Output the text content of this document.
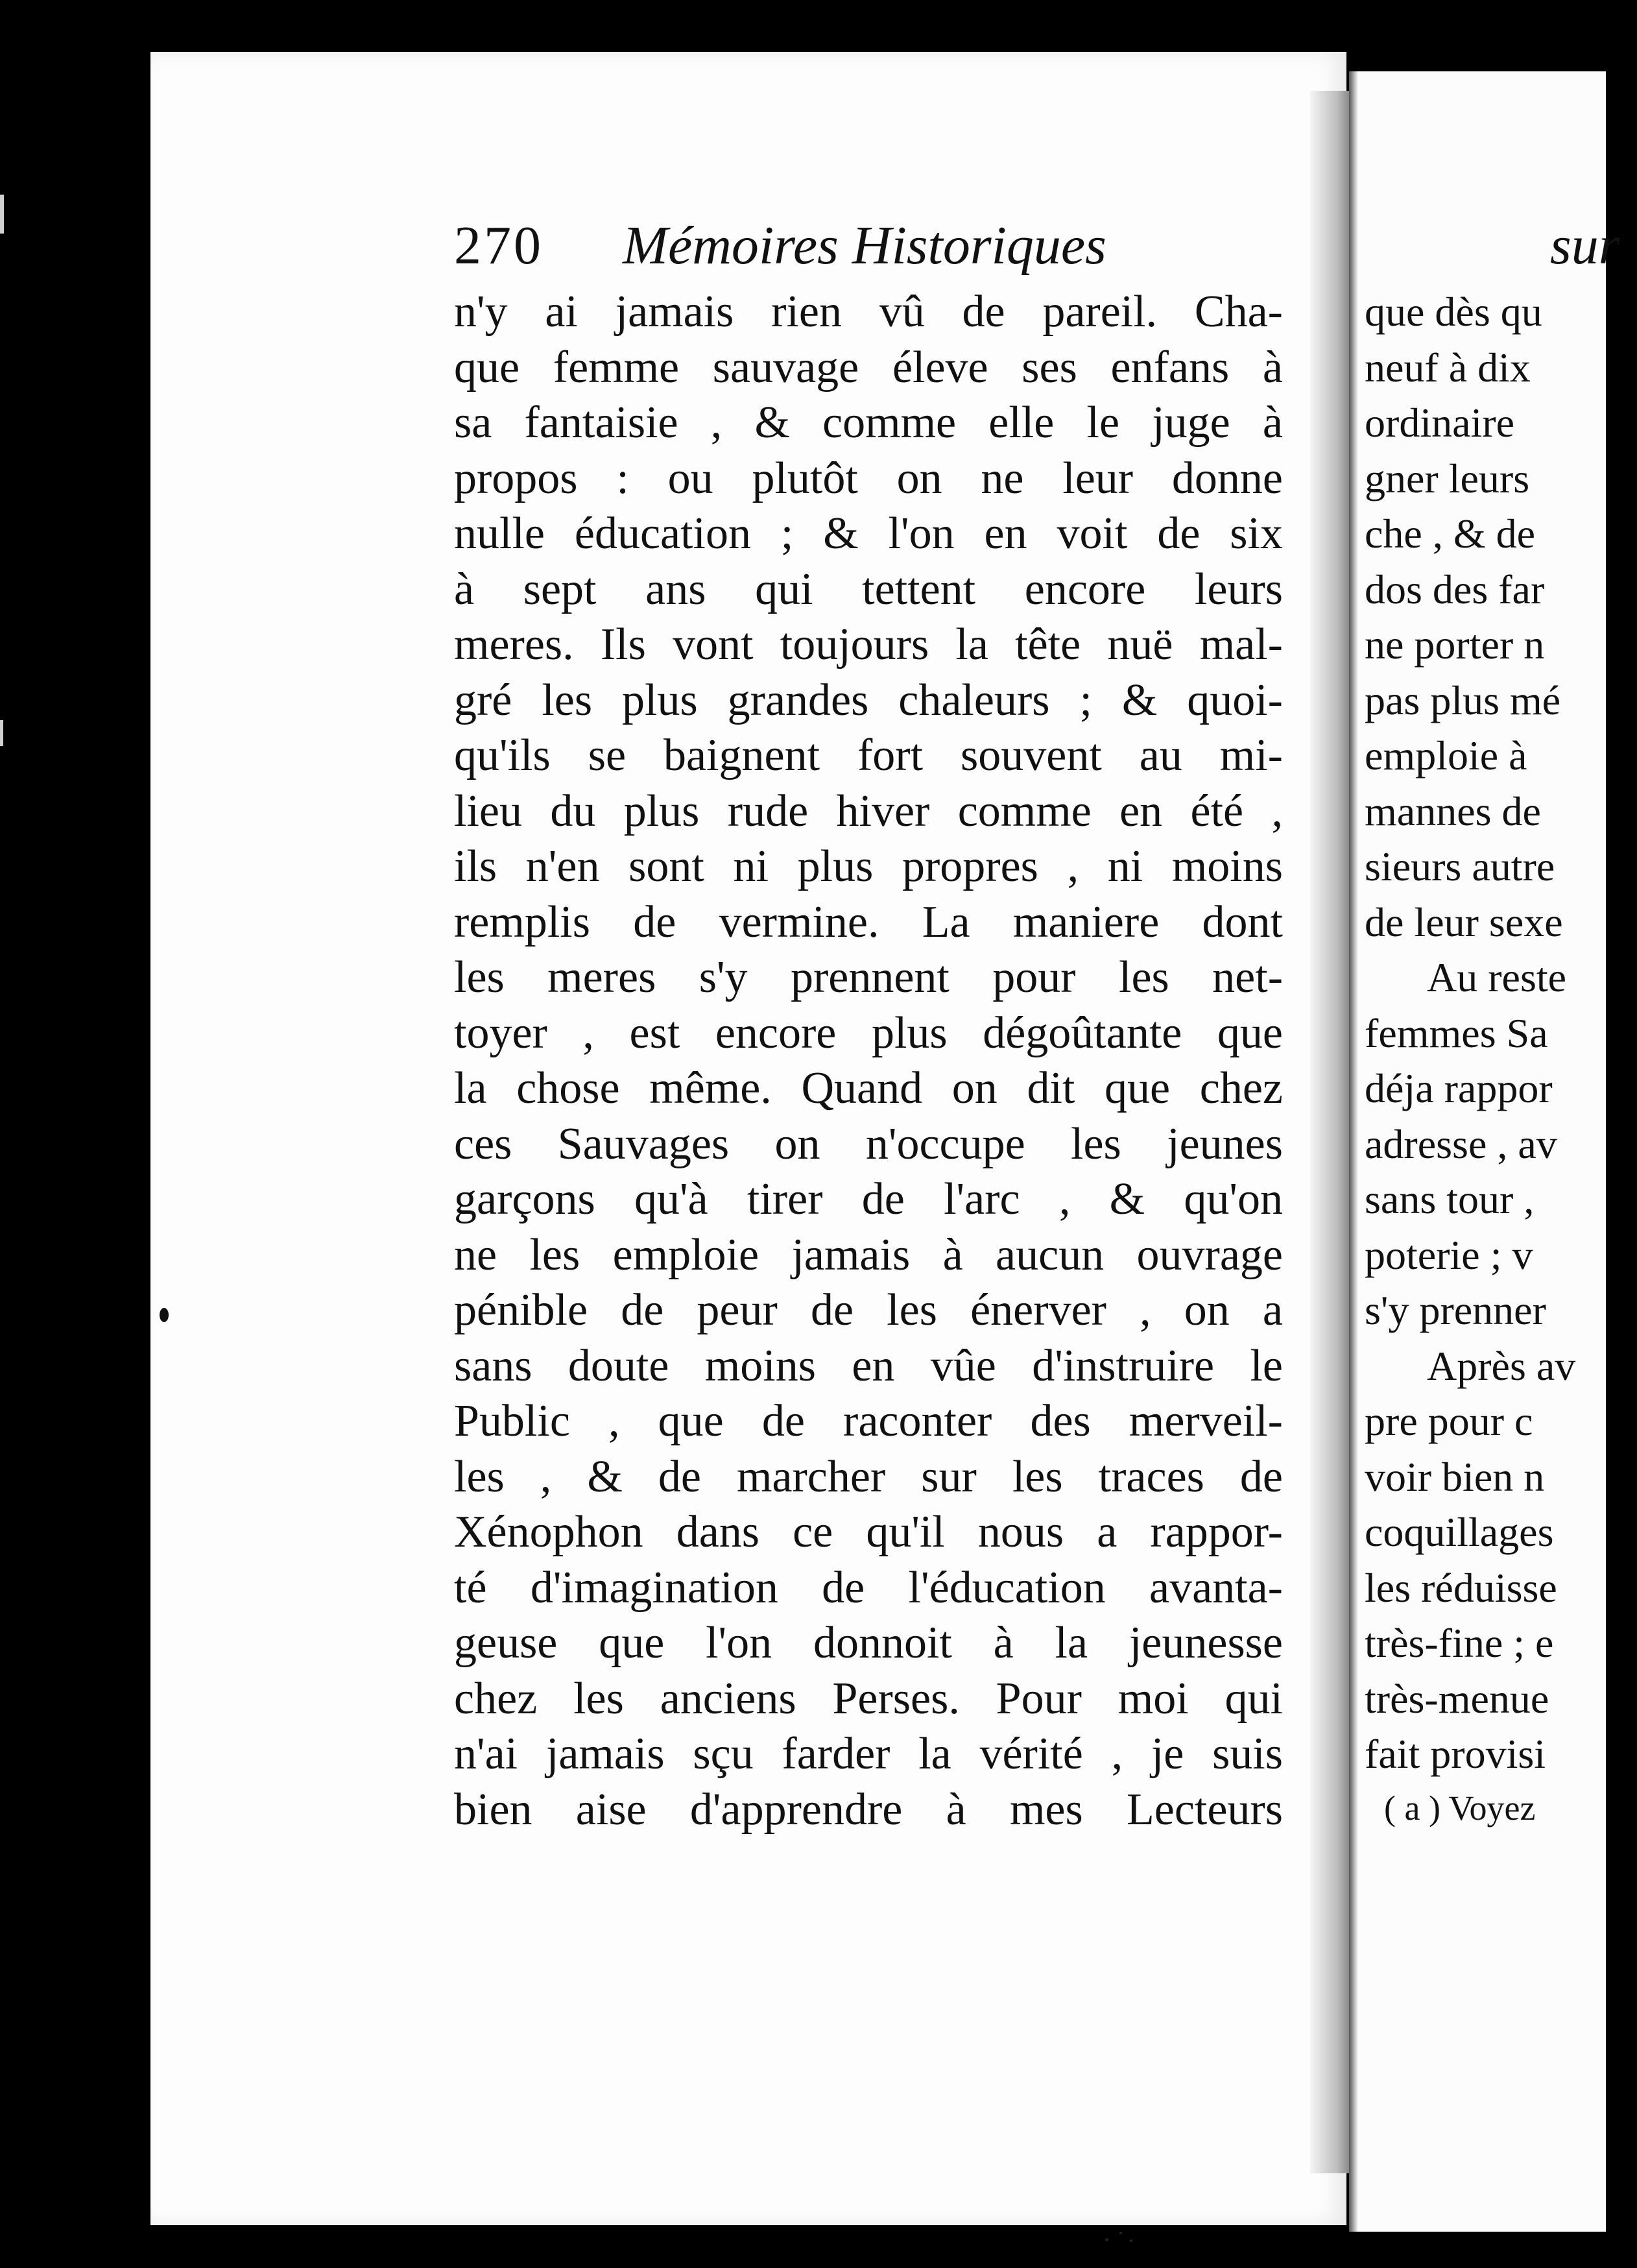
270 Mémoires Historiques
n'y ai jamais rien vû de pareil. Cha-
que femme sauvage éleve ses enfans à
sa fantaisie , & comme elle le juge à
propos : ou plutôt on ne leur donne
nulle éducation ; & l'on en voit de six
à sept ans qui tettent encore leurs
meres. Ils vont toujours la tête nuë mal-
gré les plus grandes chaleurs ; & quoi-
qu'ils se baignent fort souvent au mi-
lieu du plus rude hiver comme en été ,
ils n'en sont ni plus propres , ni moins
remplis de vermine. La maniere dont
les meres s'y prennent pour les net-
toyer , est encore plus dégoûtante que
la chose même. Quand on dit que chez
ces Sauvages on n'occupe les jeunes
garçons qu'à tirer de l'arc , & qu'on
ne les emploie jamais à aucun ouvrage
pénible de peur de les énerver , on a
sans doute moins en vûe d'instruire le
Public , que de raconter des merveil-
les , & de marcher sur les traces de
Xénophon dans ce qu'il nous a rappor-
té d'imagination de l'éducation avanta-
geuse que l'on donnoit à la jeunesse
chez les anciens Perses. Pour moi qui
n'ai jamais sçu farder la vérité , je suis
bien aise d'apprendre à mes Lecteurs
sur
que dès qu
neuf à dix
ordinaire
gner leurs
che , & de
dos des far
ne porter n
pas plus mé
emploie à
mannes de
sieurs autre
de leur sexe
Au reste
femmes Sa
déja rappor
adresse , av
sans tour ,
poterie ; v
s'y prenner
Après av
pre pour c
voir bien n
coquillages
les réduisse
très-fine ; e
très-menue
fait provisi
( a ) Voyez
